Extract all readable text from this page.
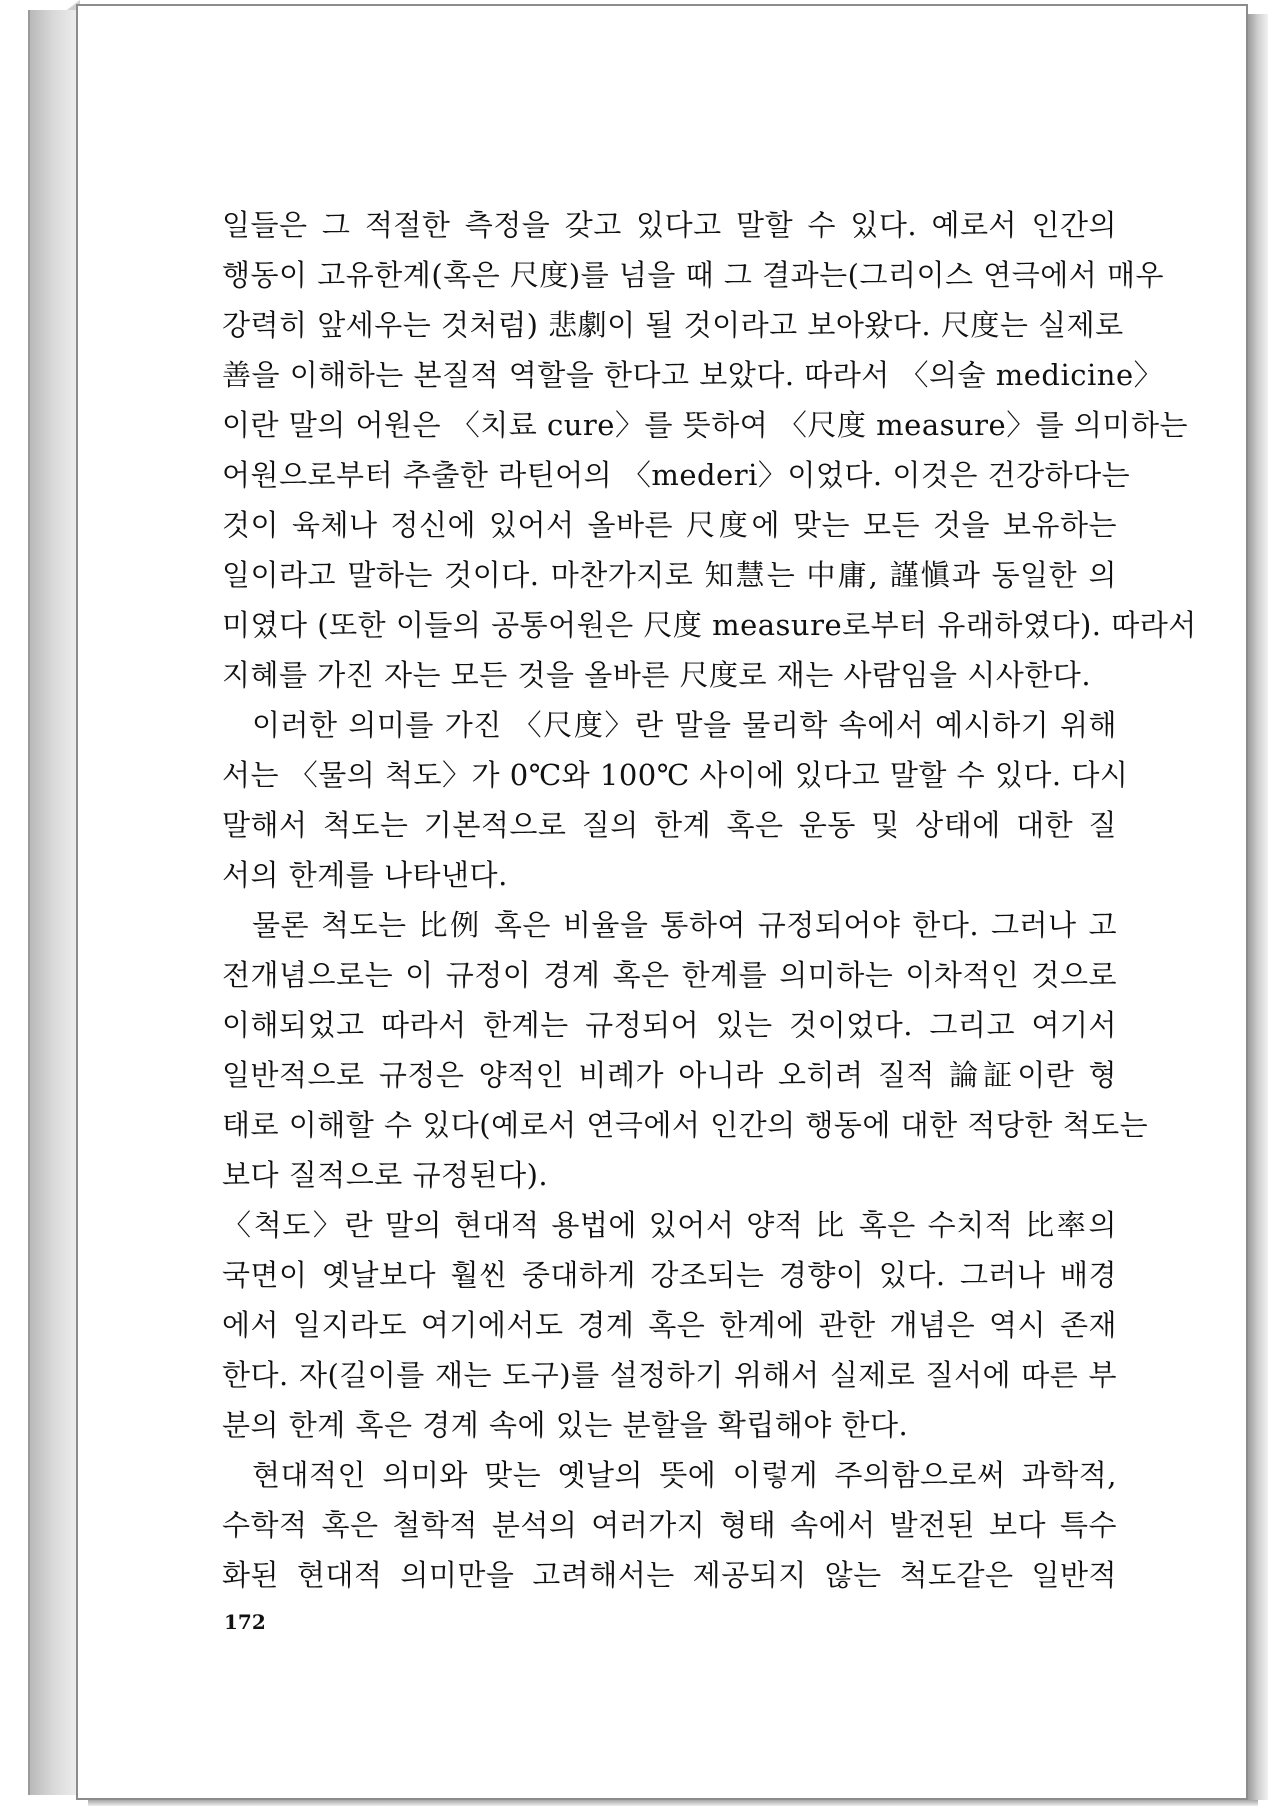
일들은 그 적절한 측정을 갖고 있다고 말할 수 있다. 예로서 인간의
행동이 고유한계(혹은 尺度)를 넘을 때 그 결과는(그리이스 연극에서 매우
강력히 앞세우는 것처럼) 悲劇이 될 것이라고 보아왔다. 尺度는 실제로
善을 이해하는 본질적 역할을 한다고 보았다. 따라서 〈의술 medicine〉
이란 말의 어원은 〈치료 cure〉를 뜻하여 〈尺度 measure〉를 의미하는
어원으로부터 추출한 라틴어의 〈mederi〉이었다. 이것은 건강하다는
것이 육체나 정신에 있어서 올바른 尺度에 맞는 모든 것을 보유하는
일이라고 말하는 것이다. 마찬가지로 知慧는 中庸, 謹愼과 동일한 의
미였다 (또한 이들의 공통어원은 尺度 measure로부터 유래하였다). 따라서
지혜를 가진 자는 모든 것을 올바른 尺度로 재는 사람임을 시사한다.
이러한 의미를 가진 〈尺度〉란 말을 물리학 속에서 예시하기 위해
서는 〈물의 척도〉가 0℃와 100℃ 사이에 있다고 말할 수 있다. 다시
말해서 척도는 기본적으로 질의 한계 혹은 운동 및 상태에 대한 질
서의 한계를 나타낸다.
물론 척도는 比例 혹은 비율을 통하여 규정되어야 한다. 그러나 고
전개념으로는 이 규정이 경계 혹은 한계를 의미하는 이차적인 것으로
이해되었고 따라서 한계는 규정되어 있는 것이었다. 그리고 여기서
일반적으로 규정은 양적인 비례가 아니라 오히려 질적 論証이란 형
태로 이해할 수 있다(예로서 연극에서 인간의 행동에 대한 적당한 척도는
보다 질적으로 규정된다).
〈척도〉란 말의 현대적 용법에 있어서 양적 比 혹은 수치적 比率의
국면이 옛날보다 훨씬 중대하게 강조되는 경향이 있다. 그러나 배경
에서 일지라도 여기에서도 경계 혹은 한계에 관한 개념은 역시 존재
한다. 자(길이를 재는 도구)를 설정하기 위해서 실제로 질서에 따른 부
분의 한계 혹은 경계 속에 있는 분할을 확립해야 한다.
현대적인 의미와 맞는 옛날의 뜻에 이렇게 주의함으로써 과학적,
수학적 혹은 철학적 분석의 여러가지 형태 속에서 발전된 보다 특수
화된 현대적 의미만을 고려해서는 제공되지 않는 척도같은 일반적
172
